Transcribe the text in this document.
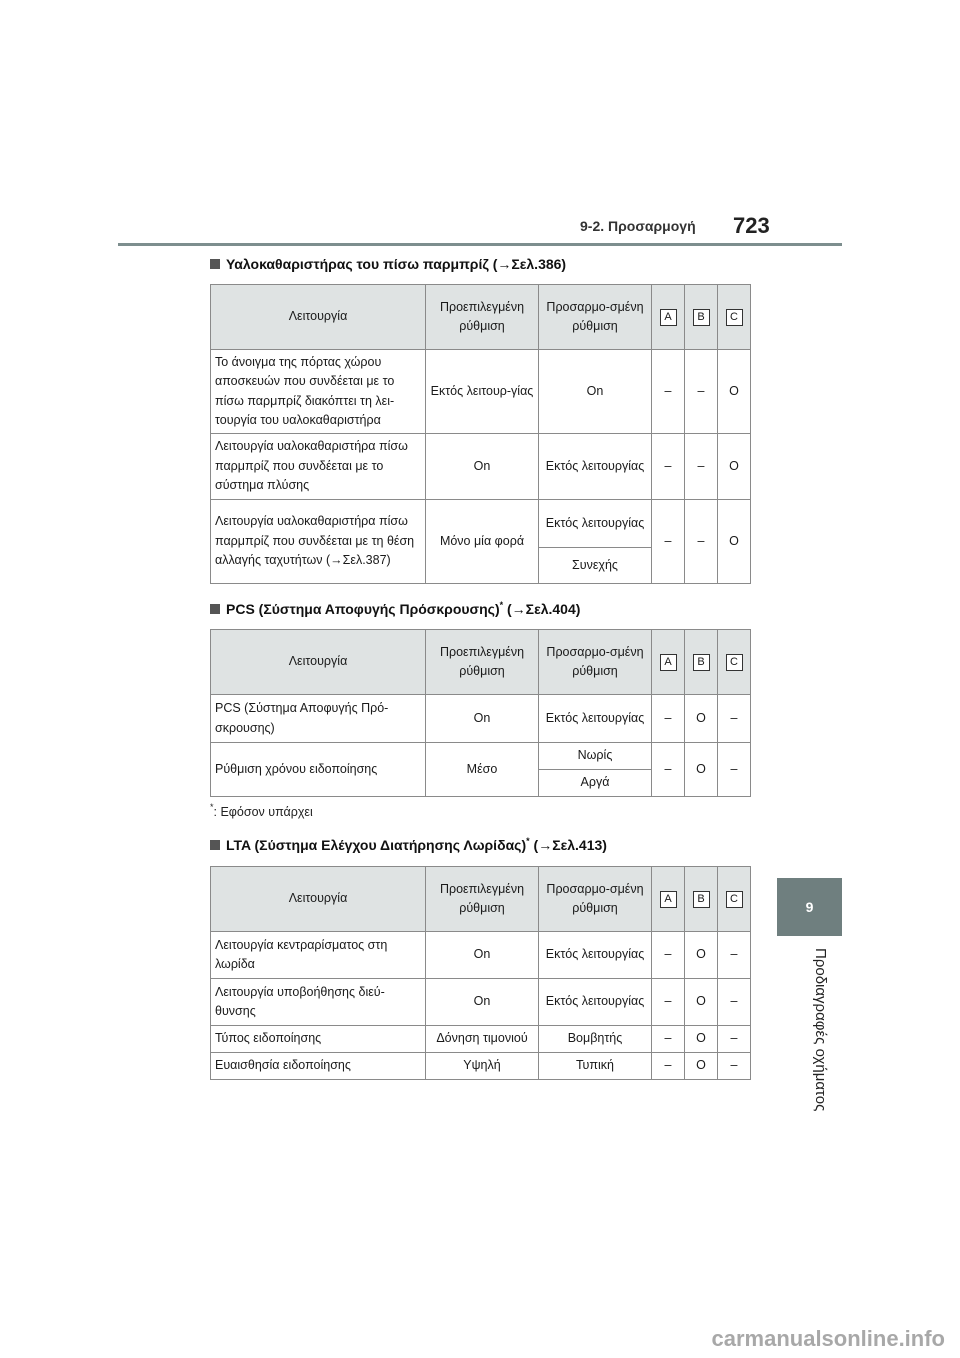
9-2. Προσαρμογή 723
9
Προδιαγραφές οχήματος
Υαλοκαθαριστήρας του πίσω παρμπρίζ (→Σελ.386)
Λειτουργία	Προεπιλεγμένη ρύθμιση	Προσαρμο-σμένη ρύθμιση	A	B	C
Το άνοιγμα της πόρτας χώρου αποσκευών που συνδέεται με το πίσω παρμπρίζ διακόπτει τη λει-τουργία του υαλοκαθαριστήρα	Εκτός λειτουρ-γίας	On	–	–	O
Λειτουργία υαλοκαθαριστήρα πίσω παρμπρίζ που συνδέεται με το σύστημα πλύσης	On	Εκτός λειτουργίας	–	–	O
Λειτουργία υαλοκαθαριστήρα πίσω παρμπρίζ που συνδέεται με τη θέση αλλαγής ταχυτήτων (→Σελ.387)	Μόνο μία φορά	Εκτός λειτουργίας	–	–	O
		Συνεχής			
PCS (Σύστημα Αποφυγής Πρόσκρουσης)* (→Σελ.404)
Λειτουργία	Προεπιλεγμένη ρύθμιση	Προσαρμο-σμένη ρύθμιση	A	B	C
PCS (Σύστημα Αποφυγής Πρό-σκρουσης)	On	Εκτός λειτουργίας	–	O	–
Ρύθμιση χρόνου ειδοποίησης	Μέσο	Νωρίς	–	O	–
		Αργά			
*: Εφόσον υπάρχει
LTA (Σύστημα Ελέγχου Διατήρησης Λωρίδας)* (→Σελ.413)
Λειτουργία	Προεπιλεγμένη ρύθμιση	Προσαρμο-σμένη ρύθμιση	A	B	C
Λειτουργία κεντραρίσματος στη λωρίδα	On	Εκτός λειτουργίας	–	O	–
Λειτουργία υποβοήθησης διεύ-θυνσης	On	Εκτός λειτουργίας	–	O	–
Τύπος ειδοποίησης	Δόνηση τιμονιού	Βομβητής	–	O	–
Ευαισθησία ειδοποίησης	Υψηλή	Τυπική	–	O	–
carmanualsonline.info
